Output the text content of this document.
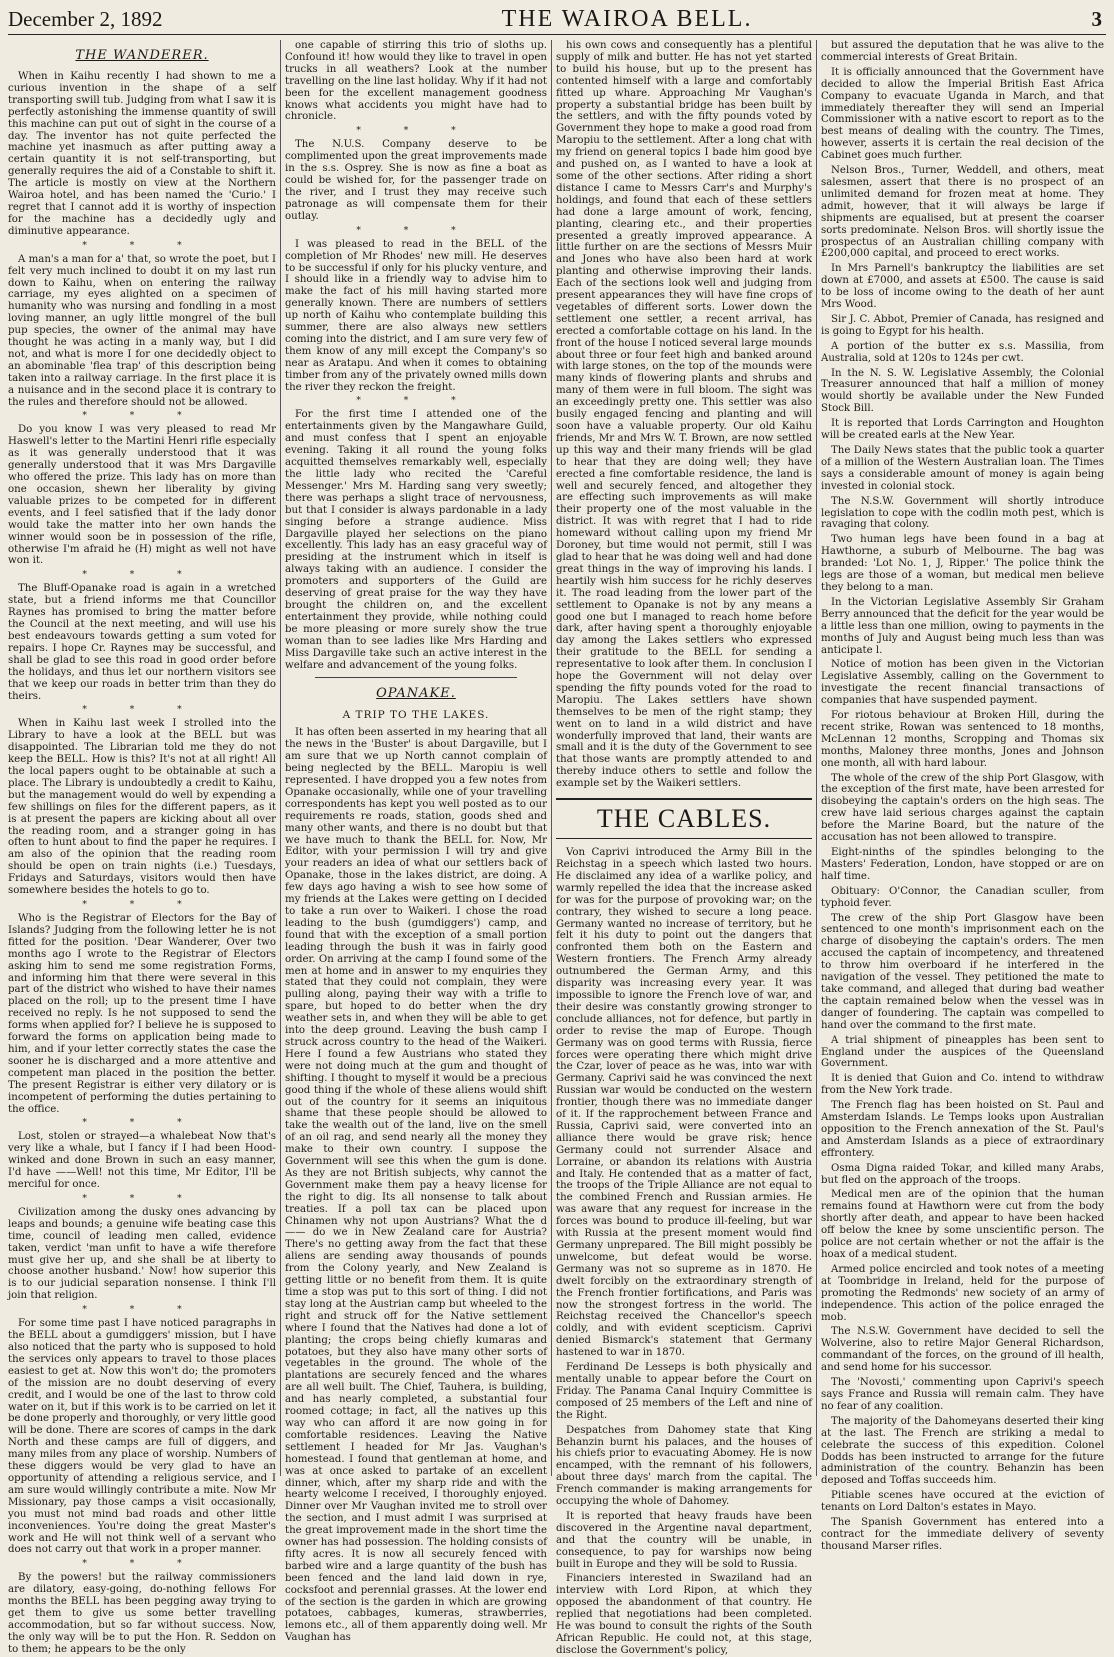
December 2, 1892	THE WAIROA BELL.	3
THE WANDERER.

When in Kaihu recently I had shown to me a curious invention in the shape of a self transporting swill tub. Judging from what I saw it is perfectly astonishing the immense quantity of swill this machine can put out of sight in the course of a day. The inventor has not quite perfected the machine yet inasmuch as after putting away a certain quantity it is not self-transporting, but generally requires the aid of a Constable to shift it. The article is mostly on view at the Northern Wairoa hotel, and has been named the 'Curio.' I regret that I cannot add it is worthy of inspection for the machine has a decidedly ugly and diminutive appearance.

* * *

A man's a man for a' that, so wrote the poet, but I felt very much inclined to doubt it on my last run down to Kaihu, when on entering the railway carriage, my eyes alighted on a specimen of humanity who was nursing and fondling in a most loving manner, an ugly little mongrel of the bull pup species, the owner of the animal may have thought he was acting in a manly way, but I did not, and what is more I for one decidedly object to an abominable 'flea trap' of this description being taken into a railway carriage. In the first place it is a nuisance and in the second place it is contrary to the rules and therefore should not be allowed.

* * *

Do you know I was very pleased to read Mr Haswell's letter to the Martini Henri rifle especially as it was generally understood that it was generally understood that it was Mrs Dargaville who offered the prize. This lady has on more than one occasion, shewn her liberality by giving valuable prizes to be competed for in different events, and I feel satisfied that if the lady donor would take the matter into her own hands the winner would soon be in possession of the rifle, otherwise I'm afraid he (H) might as well not have won it.

* * *

The Bluff-Opanake road is again in a wretched state, but a friend informs me that Councillor Raynes has promised to bring the matter before the Council at the next meeting, and will use his best endeavours towards getting a sum voted for repairs. I hope Cr. Raynes may be successful, and shall be glad to see this road in good order before the holidays, and thus let our northern visitors see that we keep our roads in better trim than they do theirs.

* * *

When in Kaihu last week I strolled into the Library to have a look at the BELL but was disappointed. The Librarian told me they do not keep the BELL. How is this? It's not at all right! All the local papers ought to be obtainable at such a place. The Library is undoubtedly a credit to Kaihu, but the management would do well by expending a few shillings on files for the different papers, as it is at present the papers are kicking about all over the reading room, and a stranger going in has often to hunt about to find the paper he requires. I am also of the opinion that the reading room should be open on train nights (i.e.) Tuesdays, Fridays and Saturdays, visitors would then have somewhere besides the hotels to go to.

* * *

Who is the Registrar of Electors for the Bay of Islands? Judging from the following letter he is not fitted for the position. 'Dear Wanderer, Over two months ago I wrote to the Registrar of Electors asking him to send me some registration Forms, and informing him that there were several in this part of the district who wished to have their names placed on the roll; up to the present time I have received no reply. Is he not supposed to send the forms when applied for? I believe he is supposed to forward the forms on application being made to him, and if your letter correctly states the case the sooner he is discharged and a more attentive and competent man placed in the position the better. The present Registrar is either very dilatory or is incompetent of performing the duties pertaining to the office.

* * *

Lost, stolen or strayed—a whalebeat Now that's very like a whale, but I fancy if I had been Hood-winked and done Brown in such an easy manner, I'd have ——Well! not this time, Mr Editor, I'll be merciful for once.

* * *

Civilization among the dusky ones advancing by leaps and bounds; a genuine wife beating case this time, council of leading men called, evidence taken, verdict 'man unfit to have a wife therefore must give her up, and she shall be at liberty to choose another husband.' Now! how superior this is to our judicial separation nonsense. I think I'll join that religion.

* * *

For some time past I have noticed paragraphs in the BELL about a gumdiggers' mission, but I have also noticed that the party who is supposed to hold the services only appears to travel to those places easiest to get at. Now this won't do; the promoters of the mission are no doubt deserving of every credit, and I would be one of the last to throw cold water on it, but if this work is to be carried on let it be done properly and thoroughly, or very little good will be done. There are scores of camps in the dark North and these camps are full of diggers, and many miles from any place of worship. Numbers of these diggers would be very glad to have an opportunity of attending a religious service, and I am sure would willingly contribute a mite. Now Mr Missionary, pay those camps a visit occasionally, you must not mind bad roads and other little inconveniences. You're doing the great Master's work and He will not think well of a servant who does not carry out that work in a proper manner.

* * *

By the powers! but the railway commissioners are dilatory, easy-going, do-nothing fellows For months the BELL has been pegging away trying to get them to give us some better travelling accommodation, but so far without success. Now, the only way will be to put the Hon. R. Seddon on to them; he appears to be the only

one capable of stirring this trio of sloths up. Confound it! how would they like to travel in open trucks in all weathers? Look at the number travelling on the line last holiday. Why if it had not been for the excellent management goodness knows what accidents you might have had to chronicle.

* * *

The N.U.S. Company deserve to be complimented upon the great improvements made in the s.s. Osprey. She is now as fine a boat as could be wished for, for the passenger trade on the river, and I trust they may receive such patronage as will compensate them for their outlay.

* * *

I was pleased to read in the BELL of the completion of Mr Rhodes' new mill. He deserves to be successful if only for his plucky venture, and I should like in a friendly way to advise him to make the fact of his mill having started more generally known. There are numbers of settlers up north of Kaihu who contemplate building this summer, there are also always new settlers coming into the district, and I am sure very few of them know of any mill except the Company's so near as Aratapu. And when it comes to obtaining timber from any of the privately owned mills down the river they reckon the freight.

* * *

For the first time I attended one of the entertainments given by the Mangawhare Guild, and must confess that I spent an enjoyable evening. Taking it all round the young folks acquitted themselves remarkably well, especially the little lady who recited the 'Careful Messenger.' Mrs M. Harding sang very sweetly; there was perhaps a slight trace of nervousness, but that I consider is always pardonable in a lady singing before a strange audience. Miss Dargaville played her selections on the piano excellently. This lady has an easy graceful way of presiding at the instrument which in itself is always taking with an audience. I consider the promoters and supporters of the Guild are deserving of great praise for the way they have brought the children on, and the excellent entertainment they provide, while nothing could be more pleasing or more surely show the true woman than to see ladies like Mrs Harding and Miss Dargaville take such an active interest in the welfare and advancement of the young folks.

OPANAKE.
A TRIP TO THE LAKES.

It has often been asserted in my hearing that all the news in the 'Buster' is about Dargaville, but I am sure that we up North cannot complain of being neglected by the BELL. Maropiu is well represented. I have dropped you a few notes from Opanake occasionally, while one of your travelling correspondents has kept you well posted as to our requirements re roads, station, goods shed and many other wants, and there is no doubt but that we have much to thank the BELL for. Now, Mr Editor, with your permission I will try and give your readers an idea of what our settlers back of Opanake, those in the lakes district, are doing. A few days ago having a wish to see how some of my friends at the Lakes were getting on I decided to take a run over to Waikeri. I chose the road leading to the bush (gumdiggers') camp, and found that with the exception of a small portion leading through the bush it was in fairly good order. On arriving at the camp I found some of the men at home and in answer to my enquiries they stated that they could not complain, they were pulling along, paying their way with a trifle to spare, but hoped to do better when the dry weather sets in, and when they will be able to get into the deep ground. Leaving the bush camp I struck across country to the head of the Waikeri. Here I found a few Austrians who stated they were not doing much at the gum and thought of shifting. I thought to myself it would be a precious good thing if the whole of these aliens would shift out of the country for it seems an iniquitous shame that these people should be allowed to take the wealth out of the land, live on the smell of an oil rag, and send nearly all the money they make to their own country. I suppose the Government will see this when the gum is done. As they are not British subjects, why cannot the Government make them pay a heavy license for the right to dig. Its all nonsense to talk about treaties. If a poll tax can be placed upon Chinamen why not upon Austrians? What the d—— do we in New Zealand care for Austria? There's no getting away from the fact that these aliens are sending away thousands of pounds from the Colony yearly, and New Zealand is getting little or no benefit from them. It is quite time a stop was put to this sort of thing. I did not stay long at the Austrian camp but wheeled to the right and struck off for the Native settlement where I found that the Natives had done a lot of planting; the crops being chiefly kumaras and potatoes, but they also have many other sorts of vegetables in the ground. The whole of the plantations are securely fenced and the whares are all well built. The Chief, Tauhera, is building, and has nearly completed, a substantial four roomed cottage; in fact, all the natives up this way who can afford it are now going in for comfortable residences. Leaving the Native settlement I headed for Mr Jas. Vaughan's homestead. I found that gentleman at home, and was at once asked to partake of an excellent dinner, which, after my sharp ride and with the hearty welcome I received, I thoroughly enjoyed. Dinner over Mr Vaughan invited me to stroll over the section, and I must admit I was surprised at the great improvement made in the short time the owner has had possession. The holding consists of fifty acres. It is now all securely fenced with barbed wire and a large quantity of the bush has been fenced and the land laid down in rye, cocksfoot and perennial grasses. At the lower end of the section is the garden in which are growing potatoes, cabbages, kumeras, strawberries, lemons etc., all of them apparently doing well. Mr Vaughan has

his own cows and consequently has a plentiful supply of milk and butter. He has not yet started to build his house, but up to the present has contented himself with a large and comfortably fitted up whare. Approaching Mr Vaughan's property a substantial bridge has been built by the settlers, and with the fifty pounds voted by Government they hope to make a good road from Maropiu to the settlement. After a long chat with my friend on general topics I bade him good bye and pushed on, as I wanted to have a look at some of the other sections. After riding a short distance I came to Messrs Carr's and Murphy's holdings, and found that each of these settlers had done a large amount of work, fencing, planting, clearing etc., and their properties presented a greatly improved appearance. A little further on are the sections of Messrs Muir and Jones who have also been hard at work planting and otherwise improving their lands. Each of the sections look well and judging from present appearances they will have fine crops of vegetables of different sorts. Lower down the settlement one settler, a recent arrival, has erected a comfortable cottage on his land. In the front of the house I noticed several large mounds about three or four feet high and banked around with large stones, on the top of the mounds were many kinds of flowering plants and shrubs and many of them were in full bloom. The sight was an exceedingly pretty one. This settler was also busily engaged fencing and planting and will soon have a valuable property. Our old Kaihu friends, Mr and Mrs W. T. Brown, are now settled up this way and their many friends will be glad to hear that they are doing well; they have erected a fine comfortable residence, the land is well and securely fenced, and altogether they are effecting such improvements as will make their property one of the most valuable in the district. It was with regret that I had to ride homeward without calling upon my friend Mr Doroney, but time would not permit, still I was glad to hear that he was doing well and had done great things in the way of improving his lands. I heartily wish him success for he richly deserves it. The road leading from the lower part of the settlement to Opanake is not by any means a good one but I managed to reach home before dark, after having spent a thoroughly enjoyable day among the Lakes settlers who expressed their gratitude to the BELL for sending a representative to look after them. In conclusion I hope the Government will not delay over spending the fifty pounds voted for the road to Maropiu. The Lakes settlers have shown themselves to be men of the right stamp; they went on to land in a wild district and have wonderfully improved that land, their wants are small and it is the duty of the Government to see that those wants are promptly attended to and thereby induce others to settle and follow the example set by the Waikeri settlers.

THE CABLES.

Von Caprivi introduced the Army Bill in the Reichstag in a speech which lasted two hours. He disclaimed any idea of a warlike policy, and warmly repelled the idea that the increase asked for was for the purpose of provoking war; on the contrary, they wished to secure a long peace. Germany wanted no increase of territory, but he felt it his duty to point out the dangers that confronted them both on the Eastern and Western frontiers. The French Army already outnumbered the German Army, and this disparity was increasing every year. It was impossible to ignore the French love of war, and their desire was constantly growing stronger to conclude alliances, not for defence, but partly in order to revise the map of Europe. Though Germany was on good terms with Russia, fierce forces were operating there which might drive the Czar, lover of peace as he was, into war with Germany. Caprivi said he was convinced the next Russian war would be conducted on the western frontier, though there was no immediate danger of it. If the rapprochement between France and Russia, Caprivi said, were converted into an alliance there would be grave risk; hence Germany could not surrender Alsace and Lorraine, or abandon its relations with Austria and Italy. He contended that as a matter of fact, the troops of the Triple Alliance are not equal to the combined French and Russian armies. He was aware that any request for increase in the forces was bound to produce ill-feeling, but war with Russia at the present moment would find Germany unprepared. The Bill might possibly be unwelcome, but defeat would be worse. Germany was not so supreme as in 1870. He dwelt forcibly on the extraordinary strength of the French frontier fortifications, and Paris was now the strongest fortress in the world. The Reichstag received the Chancellor's speech coldly, and with evident scepticism. Caprivi denied Bismarck's statement that Germany hastened to war in 1870.

Ferdinand De Lesseps is both physically and mentally unable to appear before the Court on Friday. The Panama Canal Inquiry Committee is composed of 25 members of the Left and nine of the Right.

Despatches from Dahomey state that King Behanzin burnt his palaces, and the houses of his chiefs prior to evacuating Abomey. He is now encamped, with the remnant of his followers, about three days' march from the capital. The French commander is making arrangements for occupying the whole of Dahomey.

It is reported that heavy frauds have been discovered in the Argentine naval department, and that the country will be unable, in consequence, to pay for warships now being built in Europe and they will be sold to Russia.

Financiers interested in Swaziland had an interview with Lord Ripon, at which they opposed the abandonment of that country. He replied that negotiations had been completed. He was bound to consult the rights of the South African Republic. He could not, at this stage, disclose the Government's policy,

but assured the deputation that he was alive to the commercial interests of Great Britain.

It is officially announced that the Government have decided to allow the Imperial British East Africa Company to evacuate Uganda in March, and that immediately thereafter they will send an Imperial Commissioner with a native escort to report as to the best means of dealing with the country. The Times, however, asserts it is certain the real decision of the Cabinet goes much further.

Nelson Bros., Turner, Weddell, and others, meat salesmen, assert that there is no prospect of an unlimited demand for frozen meat at home. They admit, however, that it will always be large if shipments are equalised, but at present the coarser sorts predominate. Nelson Bros. will shortly issue the prospectus of an Australian chilling company with £200,000 capital, and proceed to erect works.

In Mrs Parnell's bankruptcy the liabilities are set down at £7000, and assets at £500. The cause is said to be loss of income owing to the death of her aunt Mrs Wood.

Sir J. C. Abbot, Premier of Canada, has resigned and is going to Egypt for his health.

A portion of the butter ex s.s. Massilia, from Australia, sold at 120s to 124s per cwt.

In the N. S. W. Legislative Assembly, the Colonial Treasurer announced that half a million of money would shortly be available under the New Funded Stock Bill.

It is reported that Lords Carrington and Houghton will be created earls at the New Year.

The Daily News states that the public took a quarter of a million of the Western Australian loan. The Times says a considerable amount of money is again being invested in colonial stock.

The N.S.W. Government will shortly introduce legislation to cope with the codlin moth pest, which is ravaging that colony.

Two human legs have been found in a bag at Hawthorne, a suburb of Melbourne. The bag was branded: 'Lot No. 1, J, Ripper.' The police think the legs are those of a woman, but medical men believe they belong to a man.

In the Victorian Legislative Assembly Sir Graham Berry announced that the deficit for the year would be a little less than one million, owing to payments in the months of July and August being much less than was anticipate l.

Notice of motion has been given in the Victorian Legislative Assembly, calling on the Government to investigate the recent financial transactions of companies that have suspended payment.

For riotous behaviour at Broken Hill, during the recent strike, Rowan was sentenced to 18 months, McLennan 12 months, Scropping and Thomas six months, Maloney three months, Jones and Johnson one month, all with hard labour.

The whole of the crew of the ship Port Glasgow, with the exception of the first mate, have been arrested for disobeying the captain's orders on the high seas. The crew have laid serious charges against the captain before the Marine Board, but the nature of the accusation has not been allowed to transpire.

Eight-ninths of the spindles belonging to the Masters' Federation, London, have stopped or are on half time.

Obituary: O'Connor, the Canadian sculler, from typhoid fever.

The crew of the ship Port Glasgow have been sentenced to one month's imprisonment each on the charge of disobeying the captain's orders. The men accused the captain of incompetency, and threatened to throw him overboard if he interfered in the navigation of the vessel. They petitioned the mate to take command, and alleged that during bad weather the captain remained below when the vessel was in danger of foundering. The captain was compelled to hand over the command to the first mate.

A trial shipment of pineapples has been sent to England under the auspices of the Queensland Government.

It is denied that Guion and Co. intend to withdraw from the New York trade.

The French flag has been hoisted on St. Paul and Amsterdam Islands. Le Temps looks upon Australian opposition to the French annexation of the St. Paul's and Amsterdam Islands as a piece of extraordinary effrontery.

Osma Digna raided Tokar, and killed many Arabs, but fled on the approach of the troops.

Medical men are of the opinion that the human remains found at Hawthorn were cut from the body shortly after death, and appear to have been hacked off below the knee by some unscientific person. The police are not certain whether or not the affair is the hoax of a medical student.

Armed police encircled and took notes of a meeting at Toombridge in Ireland, held for the purpose of promoting the Redmonds' new society of an army of independence. This action of the police enraged the mob.

The N.S.W. Government have decided to sell the Wolverine, also to retire Major General Richardson, commandant of the forces, on the ground of ill health, and send home for his successor.

The 'Novosti,' commenting upon Caprivi's speech says France and Russia will remain calm. They have no fear of any coalition.

The majority of the Dahomeyans deserted their king at the last. The French are striking a medal to celebrate the success of this expedition. Colonel Dodds has been instructed to arrange for the future administration of the country. Behanzin has been deposed and Toffas succeeds him.

Pitiable scenes have occured at the eviction of tenants on Lord Dalton's estates in Mayo.

The Spanish Government has entered into a contract for the immediate delivery of seventy thousand Marser rifles.
